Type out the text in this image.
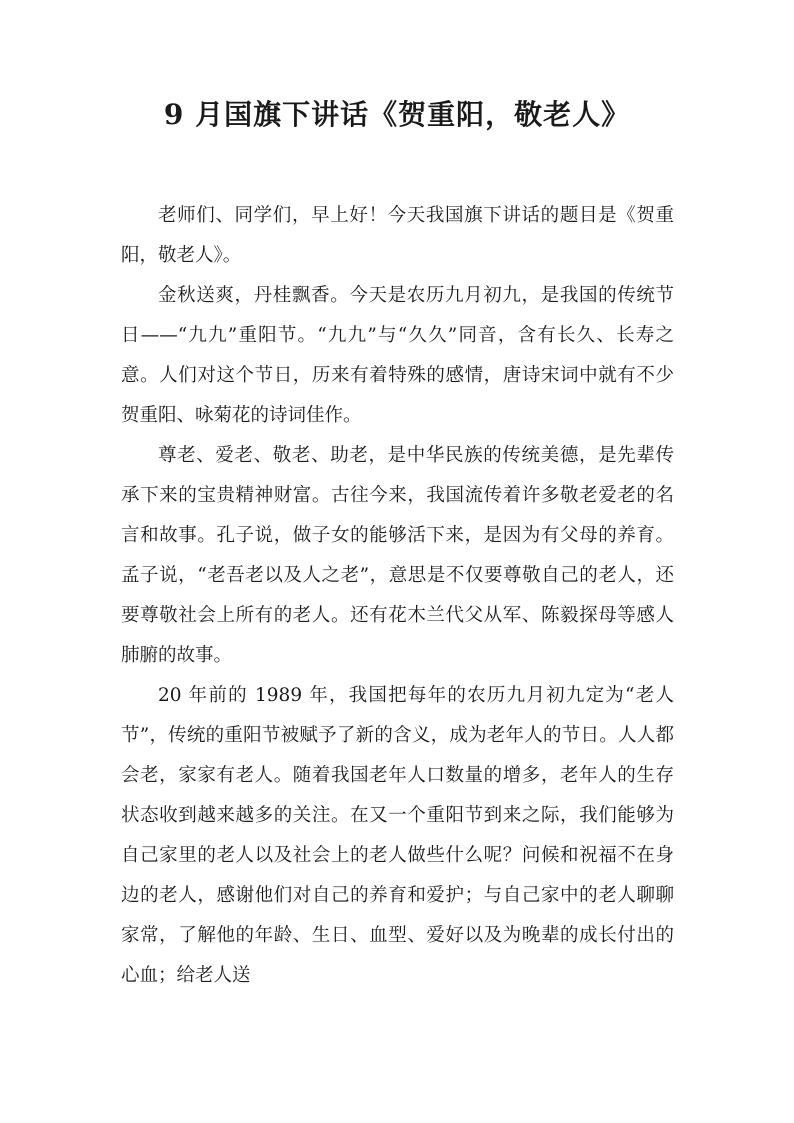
9 月国旗下讲话《贺重阳，敬老人》

老师们、同学们，早上好！今天我国旗下讲话的题目是《贺重阳，敬老人》。

金秋送爽，丹桂飘香。今天是农历九月初九，是我国的传统节日——“九九”重阳节。“九九”与“久久”同音，含有长久、长寿之意。人们对这个节日，历来有着特殊的感情，唐诗宋词中就有不少贺重阳、咏菊花的诗词佳作。

尊老、爱老、敬老、助老，是中华民族的传统美德，是先辈传承下来的宝贵精神财富。古往今来，我国流传着许多敬老爱老的名言和故事。孔子说，做子女的能够活下来，是因为有父母的养育。孟子说，“老吾老以及人之老”，意思是不仅要尊敬自己的老人，还要尊敬社会上所有的老人。还有花木兰代父从军、陈毅探母等感人肺腑的故事。

20 年前的 1989 年，我国把每年的农历九月初九定为“老人节”，传统的重阳节被赋予了新的含义，成为老年人的节日。人人都会老，家家有老人。随着我国老年人口数量的增多，老年人的生存状态收到越来越多的关注。在又一个重阳节到来之际，我们能够为自己家里的老人以及社会上的老人做些什么呢？问候和祝福不在身边的老人，感谢他们对自己的养育和爱护；与自己家中的老人聊聊家常，了解他的年龄、生日、血型、爱好以及为晚辈的成长付出的心血；给老人送
